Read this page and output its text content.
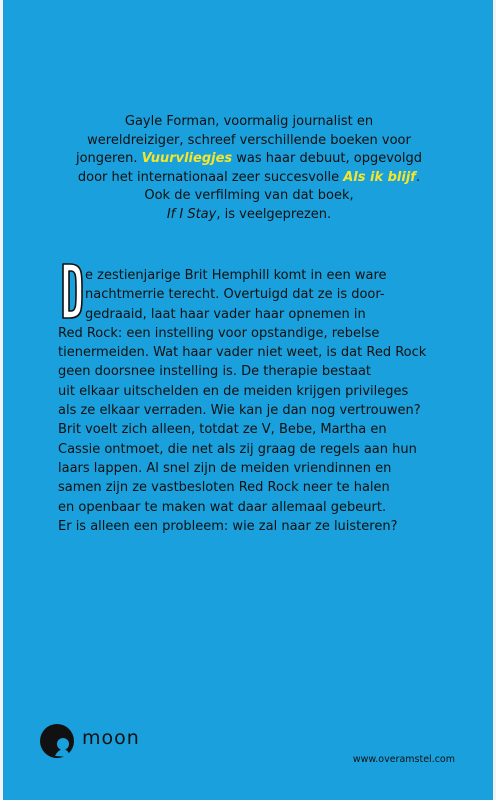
Gayle Forman, voormalig journalist en
wereldreiziger, schreef verschillende boeken voor
jongeren. Vuurvliegjes was haar debuut, opgevolgd
door het internationaal zeer succesvolle Als ik blijf.
Ook de verfilming van dat boek,
If I Stay, is veelgeprezen.
e zestienjarige Brit Hemphill komt in een ware
nachtmerrie terecht. Overtuigd dat ze is door-
gedraaid, laat haar vader haar opnemen in
Red Rock: een instelling voor opstandige, rebelse
tienermeiden. Wat haar vader niet weet, is dat Red Rock
geen doorsnee instelling is. De therapie bestaat
uit elkaar uitschelden en de meiden krijgen privileges
als ze elkaar verraden. Wie kan je dan nog vertrouwen?
Brit voelt zich alleen, totdat ze V, Bebe, Martha en
Cassie ontmoet, die net als zij graag de regels aan hun
laars lappen. Al snel zijn de meiden vriendinnen en
samen zijn ze vastbesloten Red Rock neer te halen
en openbaar te maken wat daar allemaal gebeurt.
Er is alleen een probleem: wie zal naar ze luisteren?
moon
www.overamstel.com
